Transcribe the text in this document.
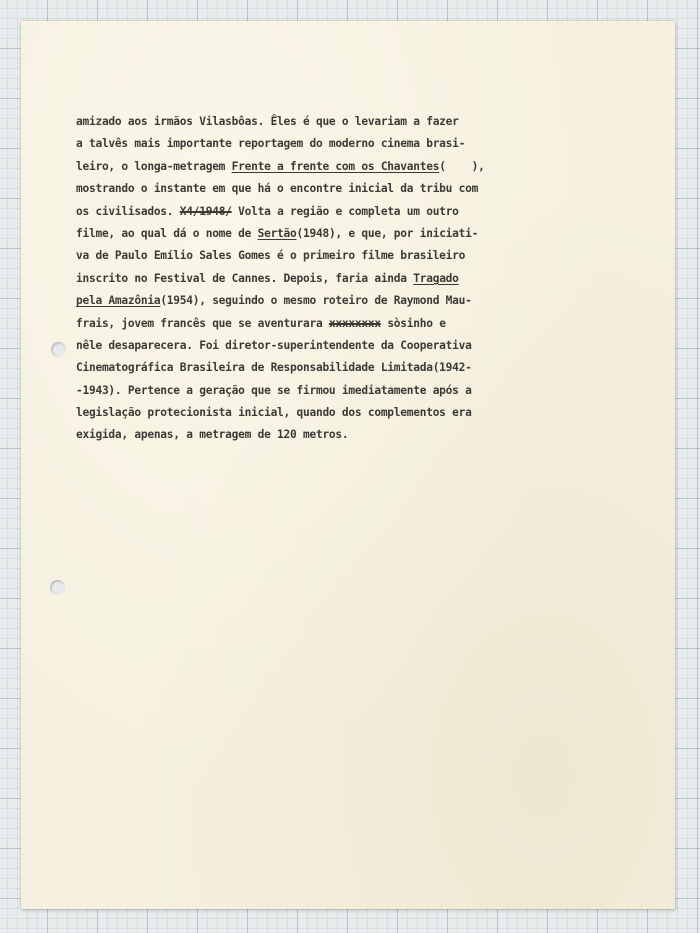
amizado aos irmãos Vilasbôas. Êles é que o levariam a fazer
a talvês mais importante reportagem do moderno cinema brasi-
leiro, o longa-metragem Frente a frente com os Chavantes(    ),
mostrando o instante em que há o encontre inicial da tribu com
os civilisados. X4/1948/ Volta a região e completa um outro
filme, ao qual dá o nome de Sertão(1948), e que, por iniciati-
va de Paulo Emílio Sales Gomes é o primeiro filme brasileiro
inscrito no Festival de Cannes. Depois, faria ainda Tragado
pela Amazônia(1954), seguindo o mesmo roteiro de Raymond Mau-
frais, jovem francês que se aventurara xxxxxxxx sòsinho e
nêle desaparecera. Foi diretor-superintendente da Cooperativa
Cinematográfica Brasileira de Responsabilidade Limitada(1942-
-1943). Pertence a geração que se firmou imediatamente após a
legislação protecionista inicial, quando dos complementos era
exigida, apenas, a metragem de 120 metros.
